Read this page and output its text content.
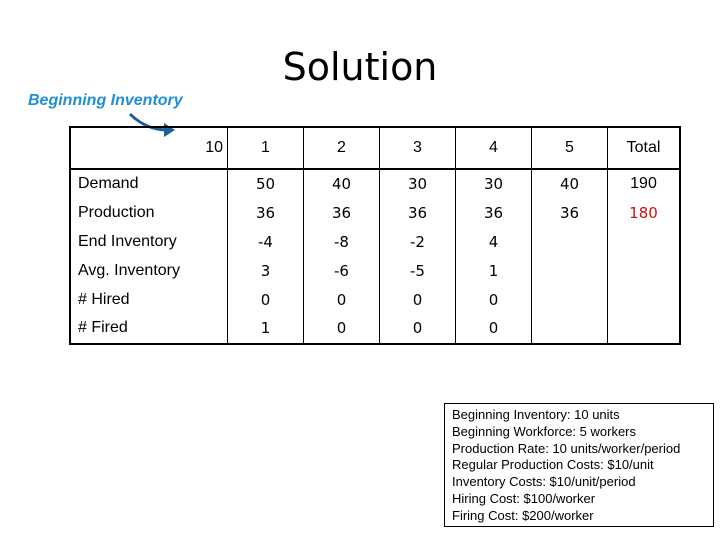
Solution
Beginning Inventory
10	1	2	3	4	5	Total
Demand	50	40	30	30	40	190
Production	36	36	36	36	36	180
End Inventory	-4	-8	-2	4		
Avg. Inventory	3	-6	-5	1		
# Hired	0	0	0	0		
# Fired	1	0	0	0		
Beginning Inventory: 10 units
Beginning Workforce: 5 workers
Production Rate: 10 units/worker/period
Regular Production Costs: $10/unit
Inventory Costs: $10/unit/period
Hiring Cost: $100/worker
Firing Cost: $200/worker
